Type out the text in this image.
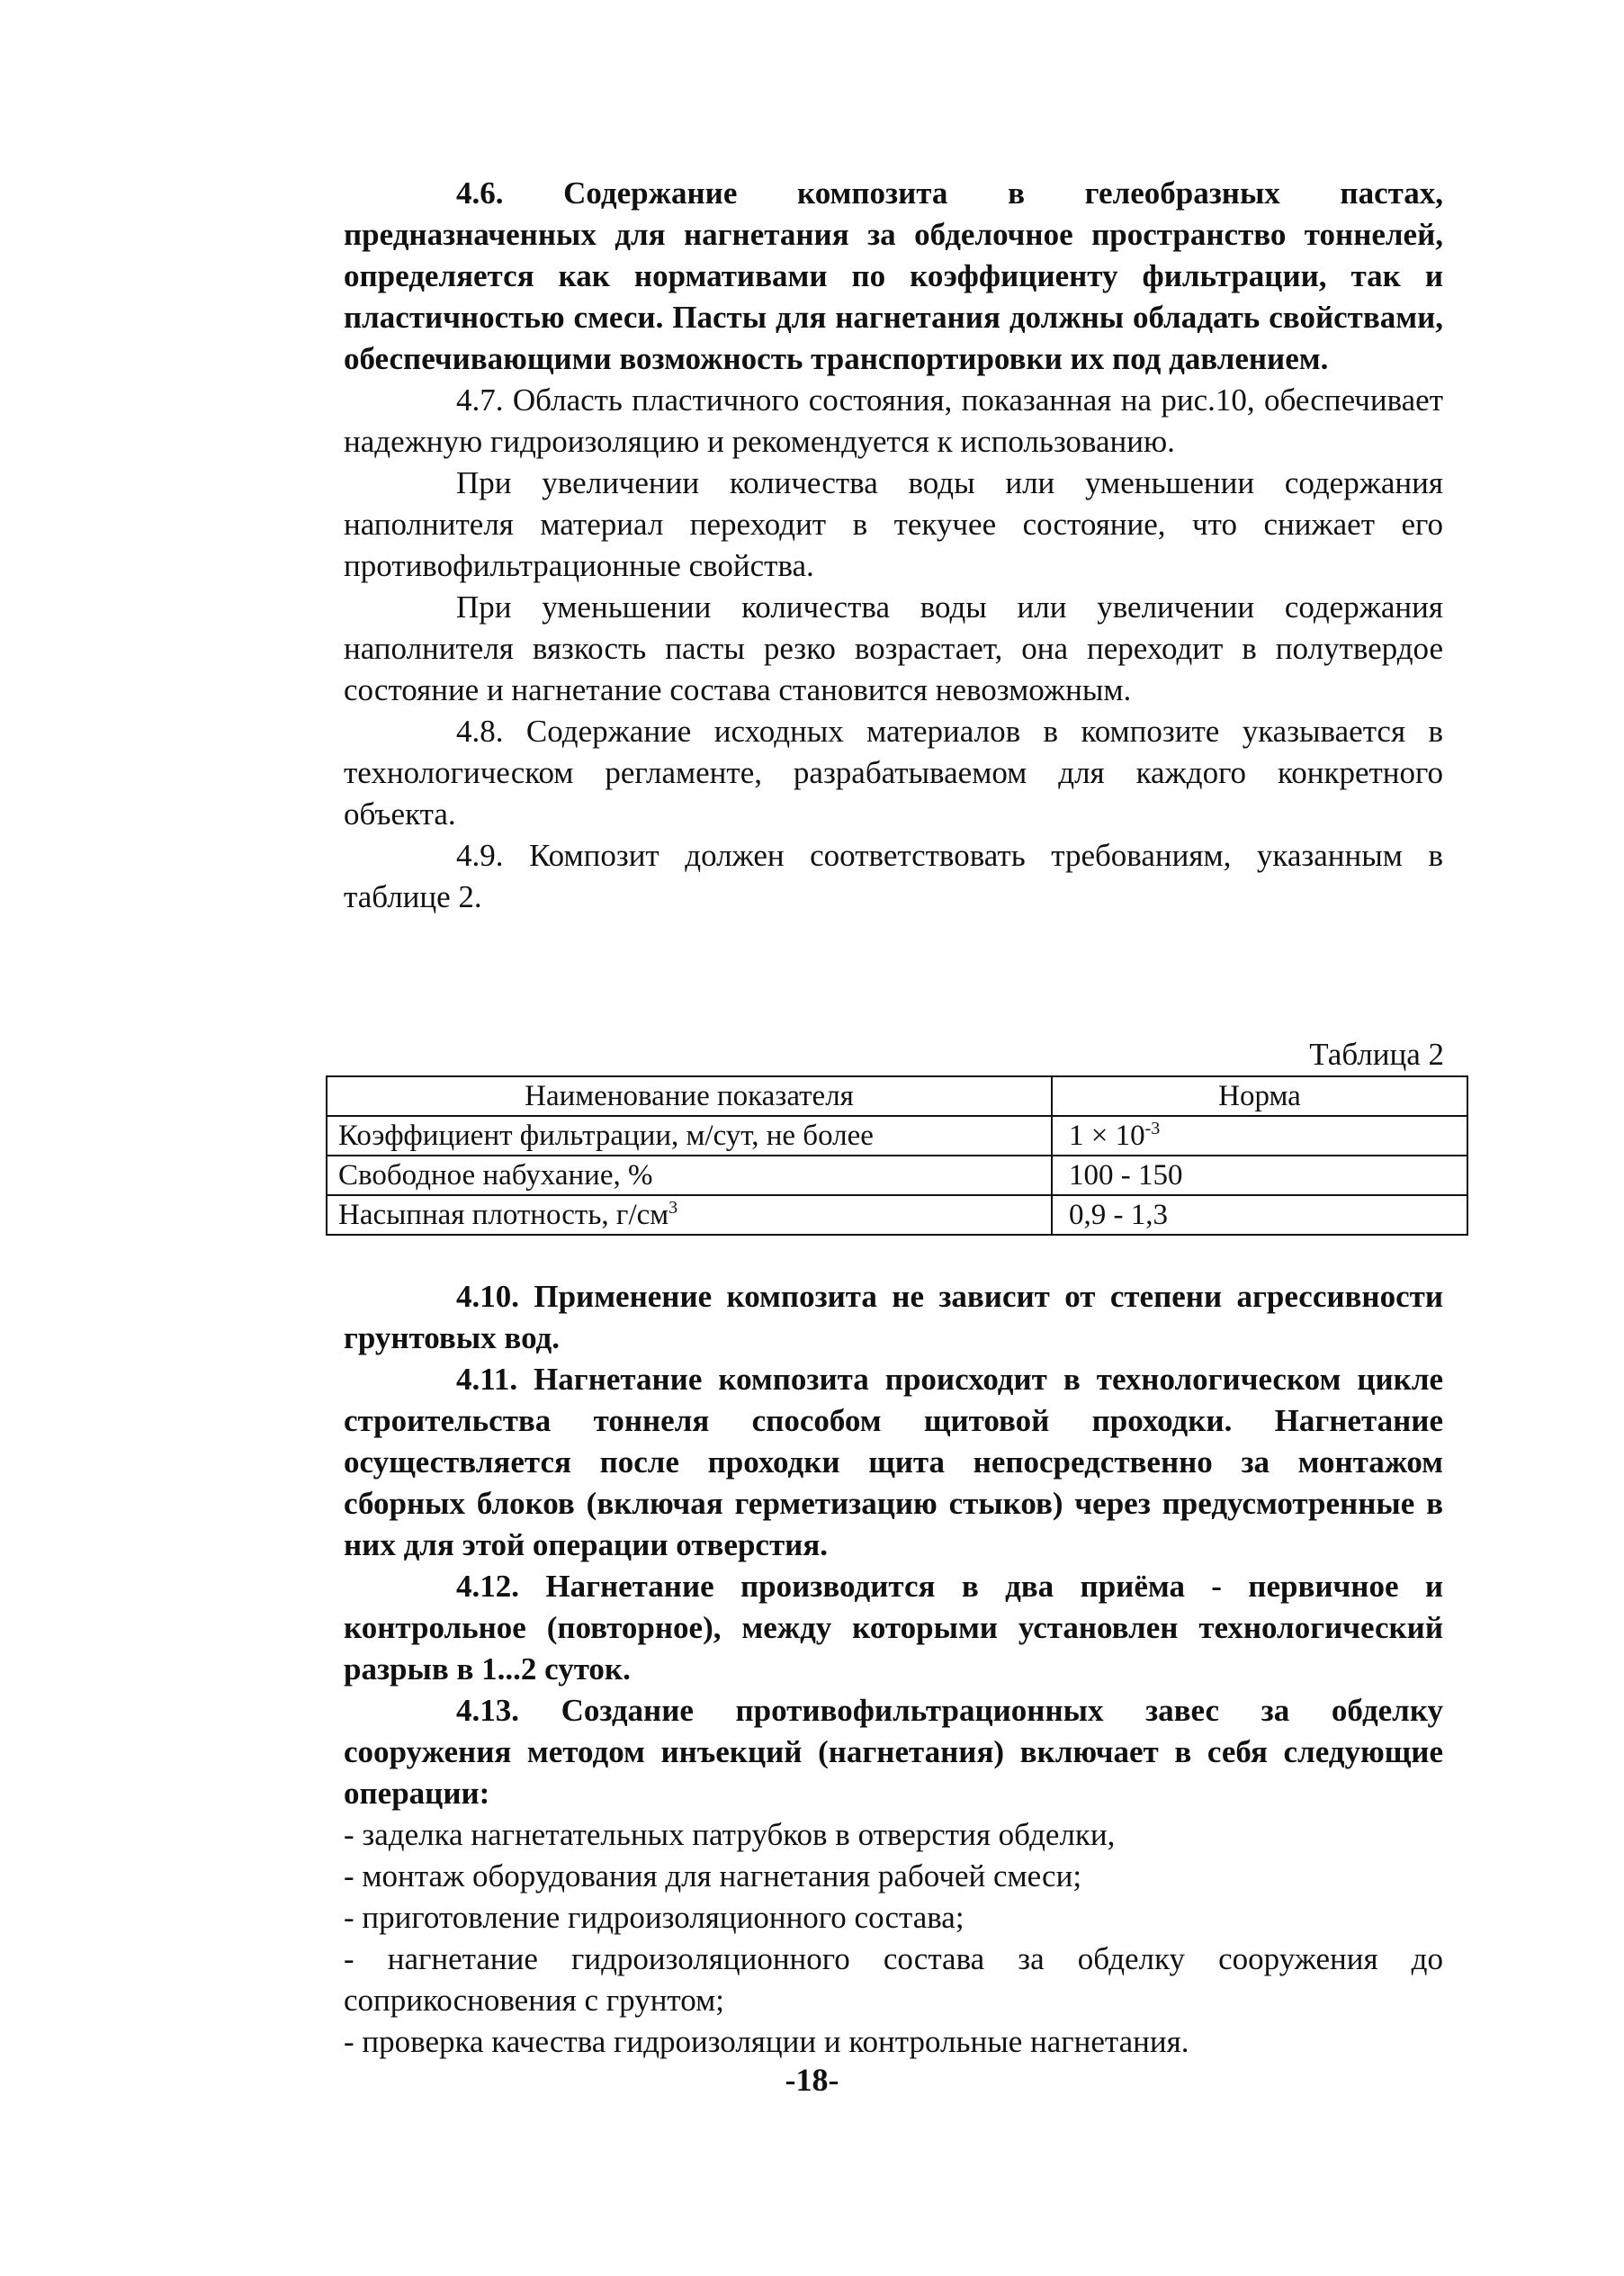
4.6. Содержание композита в гелеобразных пастах, предназначенных для нагнетания за обделочное пространство тоннелей, определяется как нормативами по коэффициенту фильтрации, так и пластичностью смеси. Пасты для нагнетания должны обладать свойствами, обеспечивающими возможность транспортировки их под давлением.

4.7. Область пластичного состояния, показанная на рис.10, обеспечивает надежную гидроизоляцию и рекомендуется к использованию.

При увеличении количества воды или уменьшении содержания наполнителя материал переходит в текучее состояние, что снижает его противофильтрационные свойства.

При уменьшении количества воды или увеличении содержания наполнителя вязкость пасты резко возрастает, она переходит в полутвердое состояние и нагнетание состава становится невозможным.

4.8. Содержание исходных материалов в композите указывается в технологическом регламенте, разрабатываемом для каждого конкретного объекта.

4.9. Композит должен соответствовать требованиям, указанным в таблице 2.

Таблица 2
Наименование показателя	Норма
Коэффициент фильтрации, м/сут, не более	$1 \times 10^{-3}$
Свободное набухание, %	100 - 150
Насыпная плотность, $г/см^3$	0,9 - 1,3

4.10. Применение композита не зависит от степени агрессивности грунтовых вод.

4.11. Нагнетание композита происходит в технологическом цикле строительства тоннеля способом щитовой проходки. Нагнетание осуществляется после проходки щита непосредственно за монтажом сборных блоков (включая герметизацию стыков) через предусмотренные в них для этой операции отверстия.

4.12. Нагнетание производится в два приёма - первичное и контрольное (повторное), между которыми установлен технологический разрыв в 1...2 суток.

4.13. Создание противофильтрационных завес за обделку сооружения методом инъекций (нагнетания) включает в себя следующие операции:

- заделка нагнетательных патрубков в отверстия обделки,
- монтаж оборудования для нагнетания рабочей смеси;
- приготовление гидроизоляционного состава;
- нагнетание гидроизоляционного состава за обделку сооружения до соприкосновения с грунтом;
- проверка качества гидроизоляции и контрольные нагнетания.
-18-
